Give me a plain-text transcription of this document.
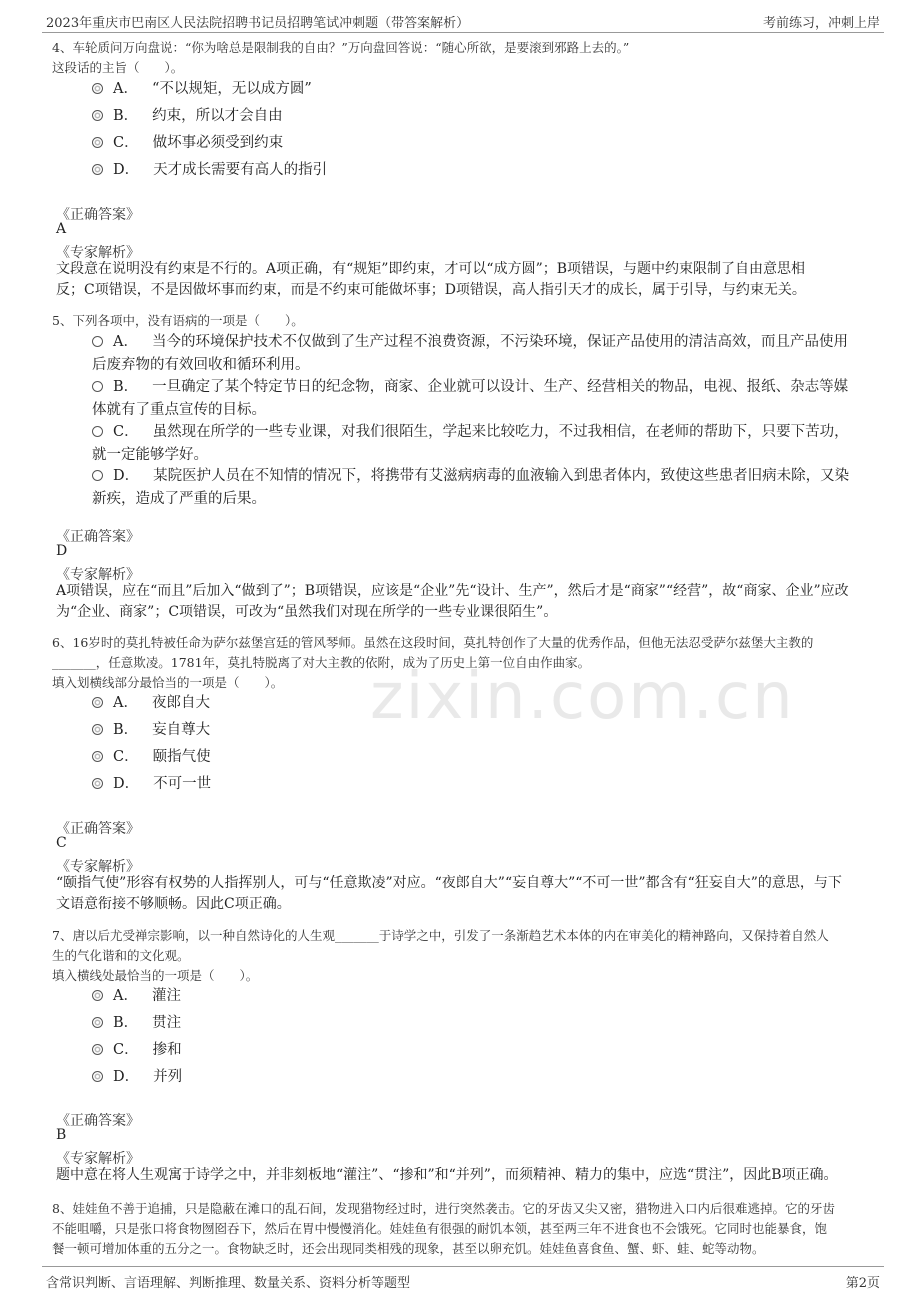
2023年重庆市巴南区人民法院招聘书记员招聘笔试冲刺题（带答案解析）	考前练习，冲刺上岸
zixin.com.cn
4、车轮质问万向盘说：“你为啥总是限制我的自由？”万向盘回答说：“随心所欲，是要滚到邪路上去的。”
这段话的主旨（　　）。
A． “不以规矩，无以成方圆”
B． 约束，所以才会自由
C． 做坏事必须受到约束
D． 天才成长需要有高人的指引
《正确答案》
A
《专家解析》
文段意在说明没有约束是不行的。A项正确，有“规矩”即约束，才可以“成方圆”；B项错误，与题中约束限制了自由意思相
反；C项错误，不是因做坏事而约束，而是不约束可能做坏事；D项错误，高人指引天才的成长，属于引导，与约束无关。
5、下列各项中，没有语病的一项是（　　）。
A． 当今的环境保护技术不仅做到了生产过程不浪费资源，不污染环境，保证产品使用的清洁高效，而且产品使用
后废弃物的有效回收和循环利用。
B． 一旦确定了某个特定节日的纪念物，商家、企业就可以设计、生产、经营相关的物品，电视、报纸、杂志等媒
体就有了重点宣传的目标。
C． 虽然现在所学的一些专业课，对我们很陌生，学起来比较吃力，不过我相信，在老师的帮助下，只要下苦功，
就一定能够学好。
D． 某院医护人员在不知情的情况下，将携带有艾滋病病毒的血液输入到患者体内，致使这些患者旧病未除，又染
新疾，造成了严重的后果。
《正确答案》
D
《专家解析》
A项错误，应在“而且”后加入“做到了”；B项错误，应该是“企业”先“设计、生产”，然后才是“商家”“经营”，故“商家、企业”应改
为“企业、商家”；C项错误，可改为“虽然我们对现在所学的一些专业课很陌生”。
6、16岁时的莫扎特被任命为萨尔兹堡宫廷的管风琴师。虽然在这段时间，莫扎特创作了大量的优秀作品，但他无法忍受萨尔兹堡大主教的
_______，任意欺凌。1781年，莫扎特脱离了对大主教的依附，成为了历史上第一位自由作曲家。
填入划横线部分最恰当的一项是（　　）。
A． 夜郎自大
B． 妄自尊大
C． 颐指气使
D． 不可一世
《正确答案》
C
《专家解析》
“颐指气使”形容有权势的人指挥别人，可与“任意欺凌”对应。“夜郎自大”“妄自尊大”“不可一世”都含有“狂妄自大”的意思，与下
文语意衔接不够顺畅。因此C项正确。
7、唐以后尤受禅宗影响，以一种自然诗化的人生观_______于诗学之中，引发了一条渐趋艺术本体的内在审美化的精神路向，又保持着自然人
生的气化谐和的文化观。
填入横线处最恰当的一项是（　　）。
A． 灌注
B． 贯注
C． 掺和
D． 并列
《正确答案》
B
《专家解析》
题中意在将人生观寓于诗学之中，并非刻板地“灌注”、“掺和”和“并列”，而须精神、精力的集中，应选“贯注”，因此B项正确。
8、娃娃鱼不善于追捕，只是隐蔽在滩口的乱石间，发现猎物经过时，进行突然袭击。它的牙齿又尖又密，猎物进入口内后很难逃掉。它的牙齿
不能咀嚼，只是张口将食物囫囵吞下，然后在胃中慢慢消化。娃娃鱼有很强的耐饥本领，甚至两三年不进食也不会饿死。它同时也能暴食，饱
餐一顿可增加体重的五分之一。食物缺乏时，还会出现同类相残的现象，甚至以卵充饥。娃娃鱼喜食鱼、蟹、虾、蛙、蛇等动物。
含常识判断、言语理解、判断推理、数量关系、资料分析等题型	第2页
